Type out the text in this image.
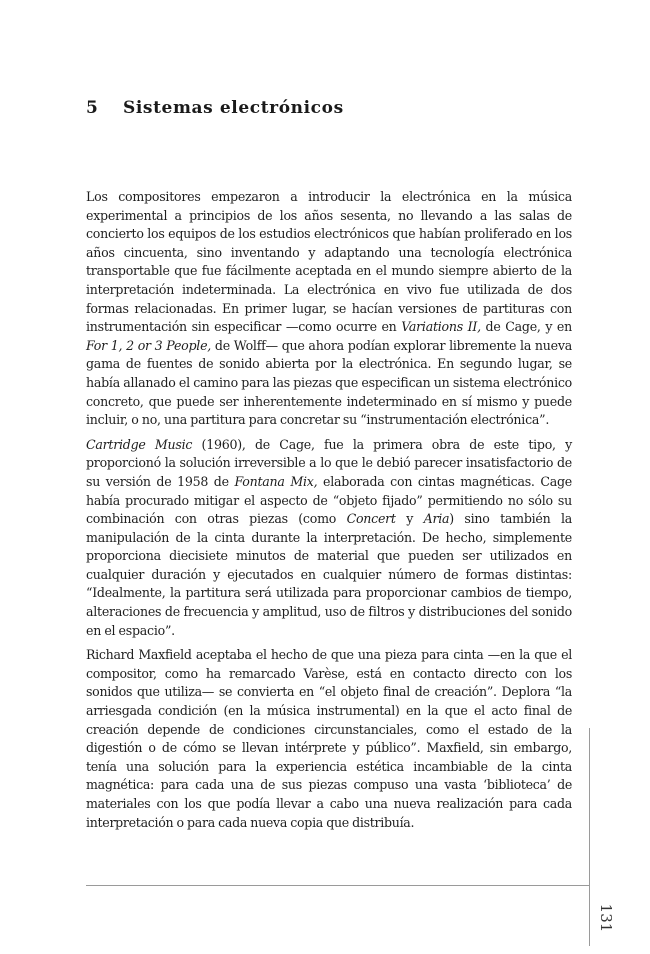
5 Sistemas electrónicos

Los compositores empezaron a introducir la electrónica en la música experimental a principios de los años sesenta, no llevando a las salas de concierto los equipos de los estudios electrónicos que habían proliferado en los años cincuenta, sino inventando y adaptando una tecnología electrónica transportable que fue fácilmente aceptada en el mundo siempre abierto de la interpretación indeterminada. La electrónica en vivo fue utilizada de dos formas relacionadas. En primer lugar, se hacían versiones de partituras con instrumentación sin especificar —como ocurre en Variations II, de Cage, y en For 1, 2 or 3 People, de Wolff— que ahora podían explorar libremente la nueva gama de fuentes de sonido abierta por la electrónica. En segundo lugar, se había allanado el camino para las piezas que especifican un sistema electrónico concreto, que puede ser inherentemente indeterminado en sí mismo y puede incluir, o no, una partitura para concretar su “instrumentación electrónica”.

Cartridge Music (1960), de Cage, fue la primera obra de este tipo, y proporcionó la solución irreversible a lo que le debió parecer insatisfactorio de su versión de 1958 de Fontana Mix, elaborada con cintas magnéticas. Cage había procurado mitigar el aspecto de “objeto fijado” permitiendo no sólo su combinación con otras piezas (como Concert y Aria) sino también la manipulación de la cinta durante la interpretación. De hecho, simplemente proporciona diecisiete minutos de material que pueden ser utilizados en cualquier duración y ejecutados en cualquier número de formas distintas: “Idealmente, la partitura será utilizada para proporcionar cambios de tiempo, alteraciones de frecuencia y amplitud, uso de filtros y distribuciones del sonido en el espacio”.

Richard Maxfield aceptaba el hecho de que una pieza para cinta —en la que el compositor, como ha remarcado Varèse, está en contacto directo con los sonidos que utiliza— se convierta en “el objeto final de creación”. Deplora “la arriesgada condición (en la música instrumental) en la que el acto final de creación depende de condiciones circunstanciales, como el estado de la digestión o de cómo se llevan intérprete y público”. Maxfield, sin embargo, tenía una solución para la experiencia estética incambiable de la cinta magnética: para cada una de sus piezas compuso una vasta ‘biblioteca’ de materiales con los que podía llevar a cabo una nueva realización para cada interpretación o para cada nueva copia que distribuía.

131
